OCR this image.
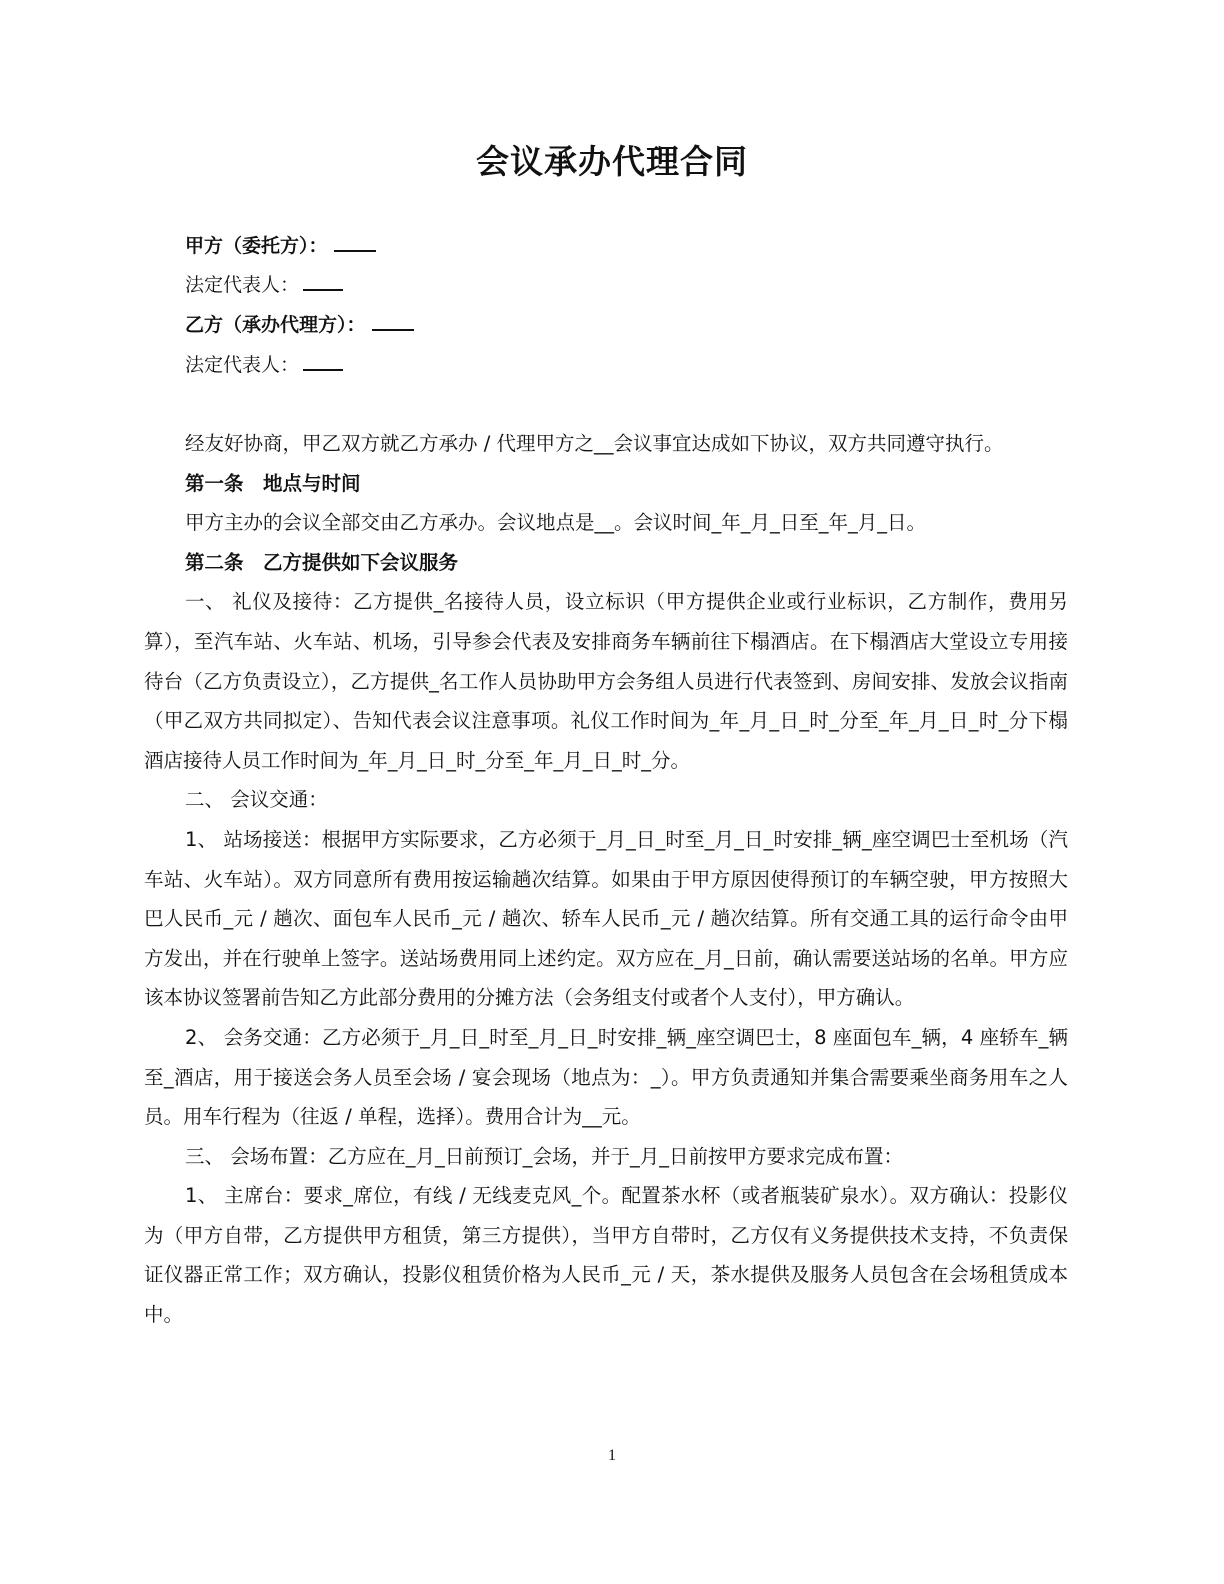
会议承办代理合同
甲方（委托方）：
法定代表人：
乙方（承办代理方）：
法定代表人：

经友好协商，甲乙双方就乙方承办 / 代理甲方之__会议事宜达成如下协议，双方共同遵守执行。

第一条　地点与时间

甲方主办的会议全部交由乙方承办。会议地点是__。会议时间_年_月_日至_年_月_日。

第二条　乙方提供如下会议服务

一、 礼仪及接待：乙方提供_名接待人员，设立标识（甲方提供企业或行业标识，乙方制作，费用另算），至汽车站、火车站、机场，引导参会代表及安排商务车辆前往下榻酒店。在下榻酒店大堂设立专用接待台（乙方负责设立），乙方提供_名工作人员协助甲方会务组人员进行代表签到、房间安排、发放会议指南（甲乙双方共同拟定）、告知代表会议注意事项。礼仪工作时间为_年_月_日_时_分至_年_月_日_时_分下榻酒店接待人员工作时间为_年_月_日_时_分至_年_月_日_时_分。

二、 会议交通：

1、 站场接送：根据甲方实际要求，乙方必须于_月_日_时至_月_日_时安排_辆_座空调巴士至机场（汽车站、火车站）。双方同意所有费用按运输趟次结算。如果由于甲方原因使得预订的车辆空驶，甲方按照大巴人民币_元 / 趟次、面包车人民币_元 / 趟次、轿车人民币_元 / 趟次结算。所有交通工具的运行命令由甲方发出，并在行驶单上签字。送站场费用同上述约定。双方应在_月_日前，确认需要送站场的名单。甲方应该本协议签署前告知乙方此部分费用的分摊方法（会务组支付或者个人支付），甲方确认。

2、 会务交通：乙方必须于_月_日_时至_月_日_时安排_辆_座空调巴士，8 座面包车_辆，4 座轿车_辆至_酒店，用于接送会务人员至会场 / 宴会现场（地点为：_）。甲方负责通知并集合需要乘坐商务用车之人员。用车行程为（往返 / 单程，选择）。费用合计为__元。

三、 会场布置：乙方应在_月_日前预订_会场，并于_月_日前按甲方要求完成布置：

1、 主席台：要求_席位，有线 / 无线麦克风_个。配置茶水杯（或者瓶装矿泉水）。双方确认：投影仪为（甲方自带，乙方提供甲方租赁，第三方提供），当甲方自带时，乙方仅有义务提供技术支持，不负责保证仪器正常工作；双方确认，投影仪租赁价格为人民币_元 / 天，茶水提供及服务人员包含在会场租赁成本中。

1
